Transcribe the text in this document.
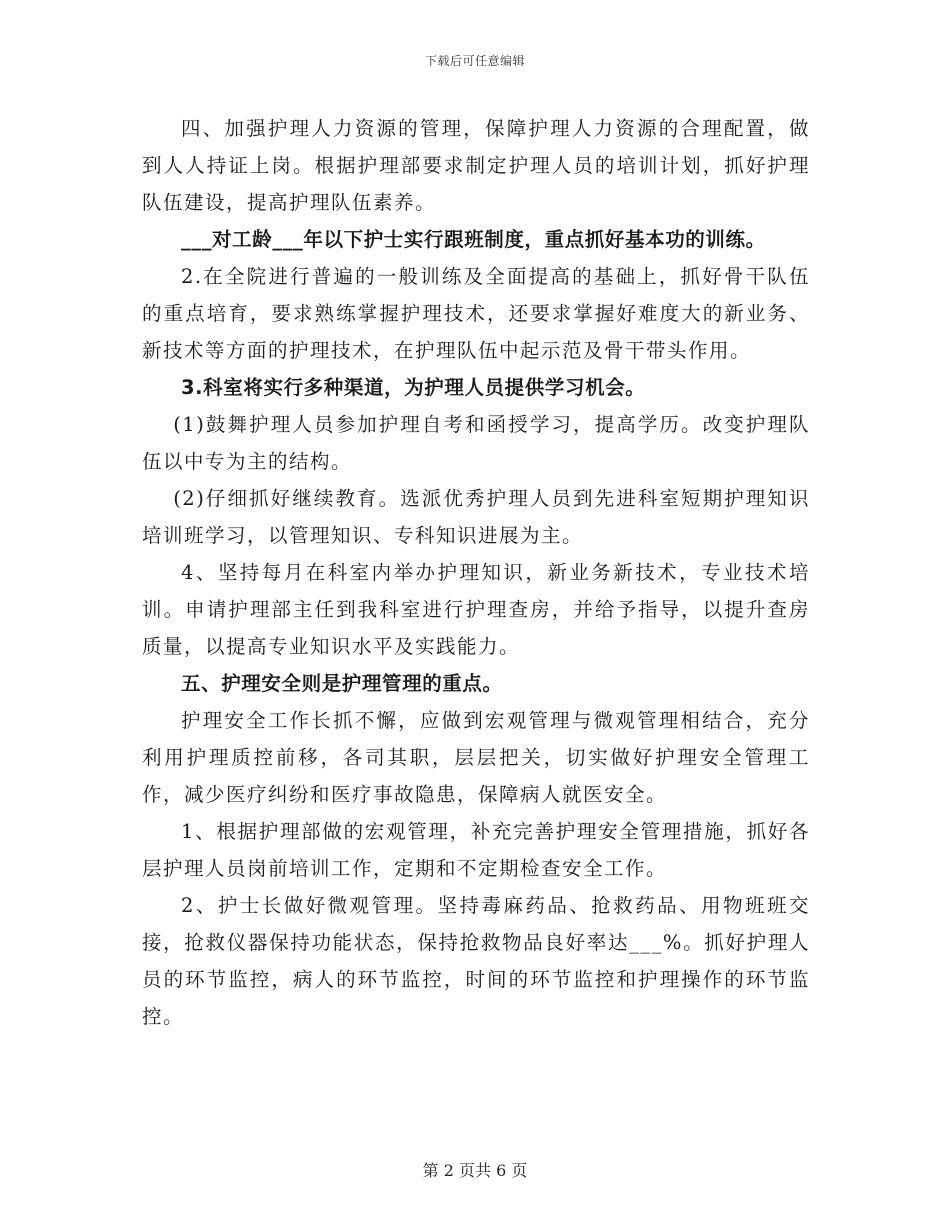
下载后可任意编辑

四、加强护理人力资源的管理，保障护理人力资源的合理配置，做到人人持证上岗。根据护理部要求制定护理人员的培训计划，抓好护理队伍建设，提高护理队伍素养。

___对工龄___年以下护士实行跟班制度，重点抓好基本功的训练。

2.在全院进行普遍的一般训练及全面提高的基础上，抓好骨干队伍的重点培育，要求熟练掌握护理技术，还要求掌握好难度大的新业务、新技术等方面的护理技术，在护理队伍中起示范及骨干带头作用。

3.科室将实行多种渠道，为护理人员提供学习机会。

(1)鼓舞护理人员参加护理自考和函授学习，提高学历。改变护理队伍以中专为主的结构。

(2)仔细抓好继续教育。选派优秀护理人员到先进科室短期护理知识培训班学习，以管理知识、专科知识进展为主。

4、坚持每月在科室内举办护理知识，新业务新技术，专业技术培训。申请护理部主任到我科室进行护理查房，并给予指导，以提升查房质量，以提高专业知识水平及实践能力。

五、护理安全则是护理管理的重点。

护理安全工作长抓不懈，应做到宏观管理与微观管理相结合，充分利用护理质控前移，各司其职，层层把关，切实做好护理安全管理工作，减少医疗纠纷和医疗事故隐患，保障病人就医安全。

1、根据护理部做的宏观管理，补充完善护理安全管理措施，抓好各层护理人员岗前培训工作，定期和不定期检查安全工作。

2、护士长做好微观管理。坚持毒麻药品、抢救药品、用物班班交接，抢救仪器保持功能状态，保持抢救物品良好率达___%。抓好护理人员的环节监控，病人的环节监控，时间的环节监控和护理操作的环节监控。

第 2 页共 6 页
